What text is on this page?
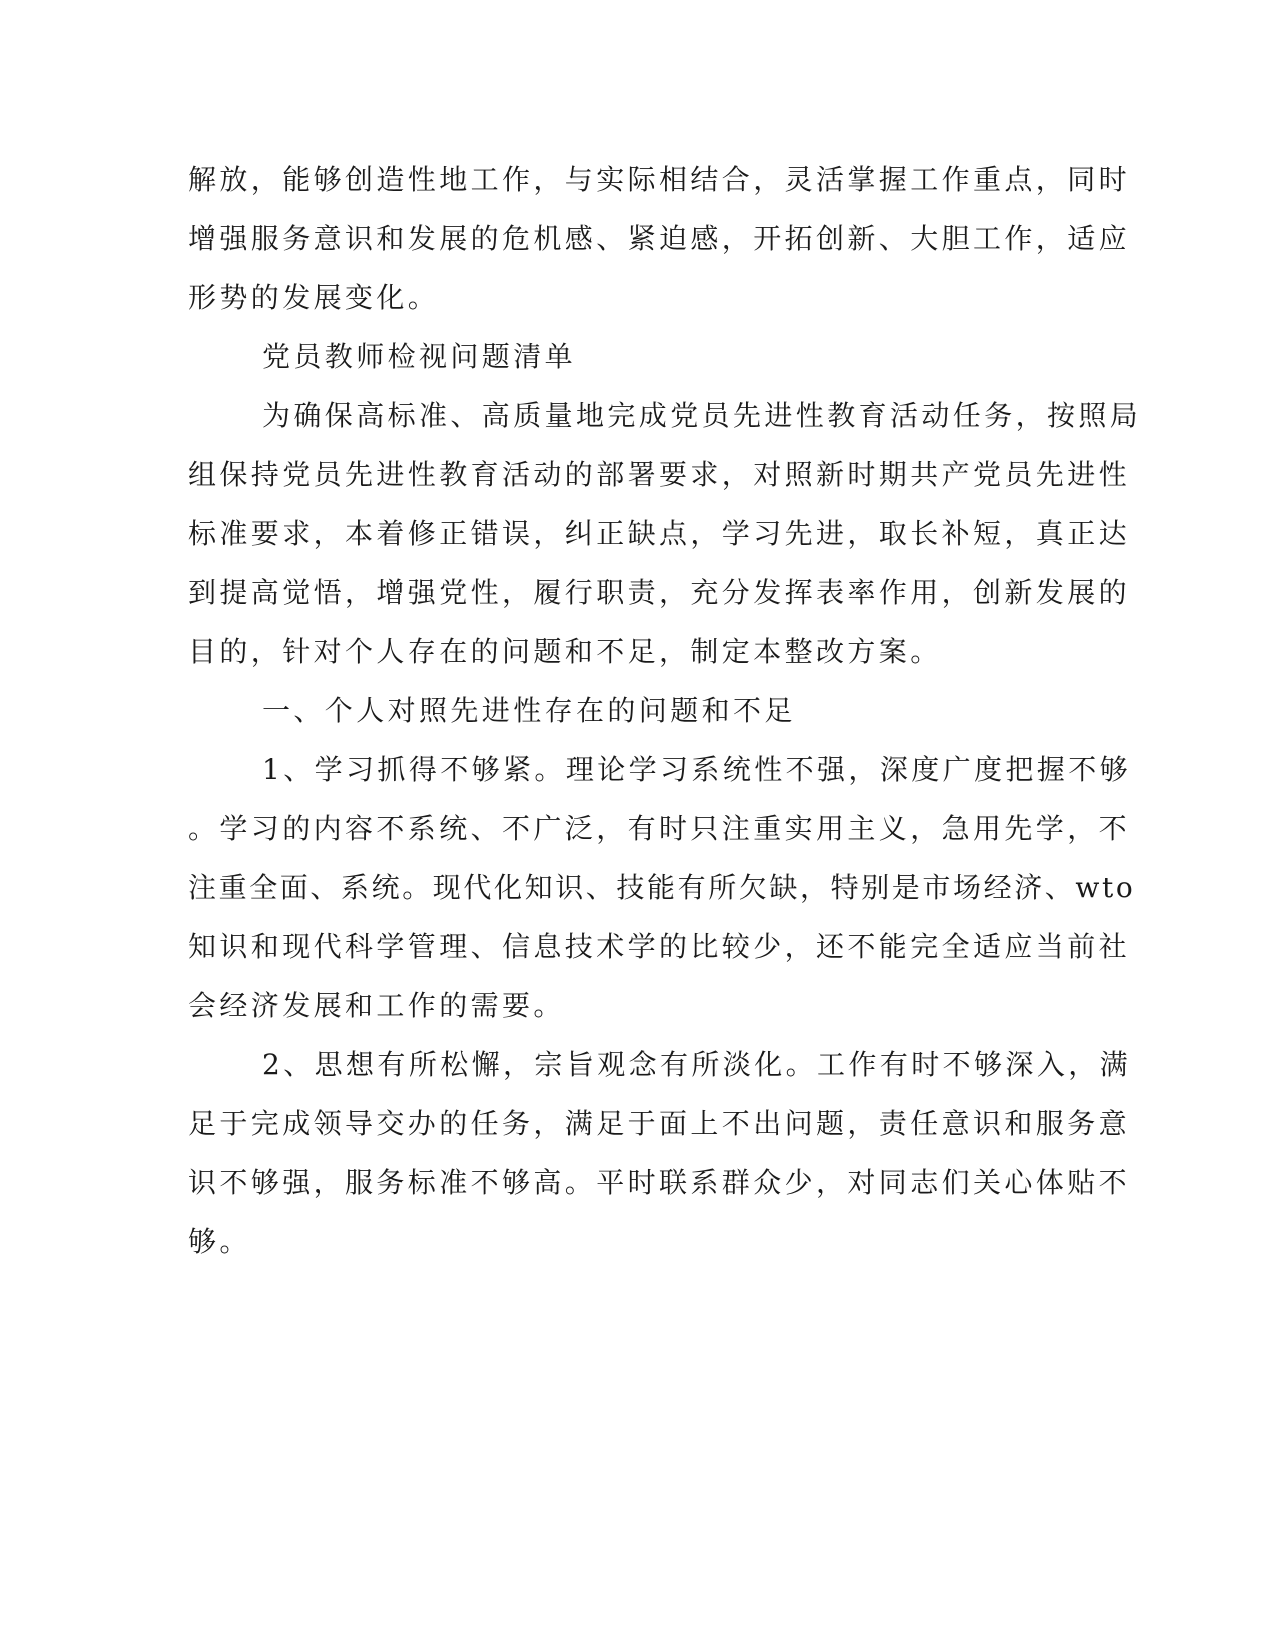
解放，能够创造性地工作，与实际相结合，灵活掌握工作重点，同时
增强服务意识和发展的危机感、紧迫感，开拓创新、大胆工作，适应
形势的发展变化。
党员教师检视问题清单
为确保高标准、高质量地完成党员先进性教育活动任务，按照局
组保持党员先进性教育活动的部署要求，对照新时期共产党员先进性
标准要求，本着修正错误，纠正缺点，学习先进，取长补短，真正达
到提高觉悟，增强党性，履行职责，充分发挥表率作用，创新发展的
目的，针对个人存在的问题和不足，制定本整改方案。
一、个人对照先进性存在的问题和不足
1、学习抓得不够紧。理论学习系统性不强，深度广度把握不够
。学习的内容不系统、不广泛，有时只注重实用主义，急用先学，不
注重全面、系统。现代化知识、技能有所欠缺，特别是市场经济、wto
知识和现代科学管理、信息技术学的比较少，还不能完全适应当前社
会经济发展和工作的需要。
2、思想有所松懈，宗旨观念有所淡化。工作有时不够深入，满
足于完成领导交办的任务，满足于面上不出问题，责任意识和服务意
识不够强，服务标准不够高。平时联系群众少，对同志们关心体贴不
够。
